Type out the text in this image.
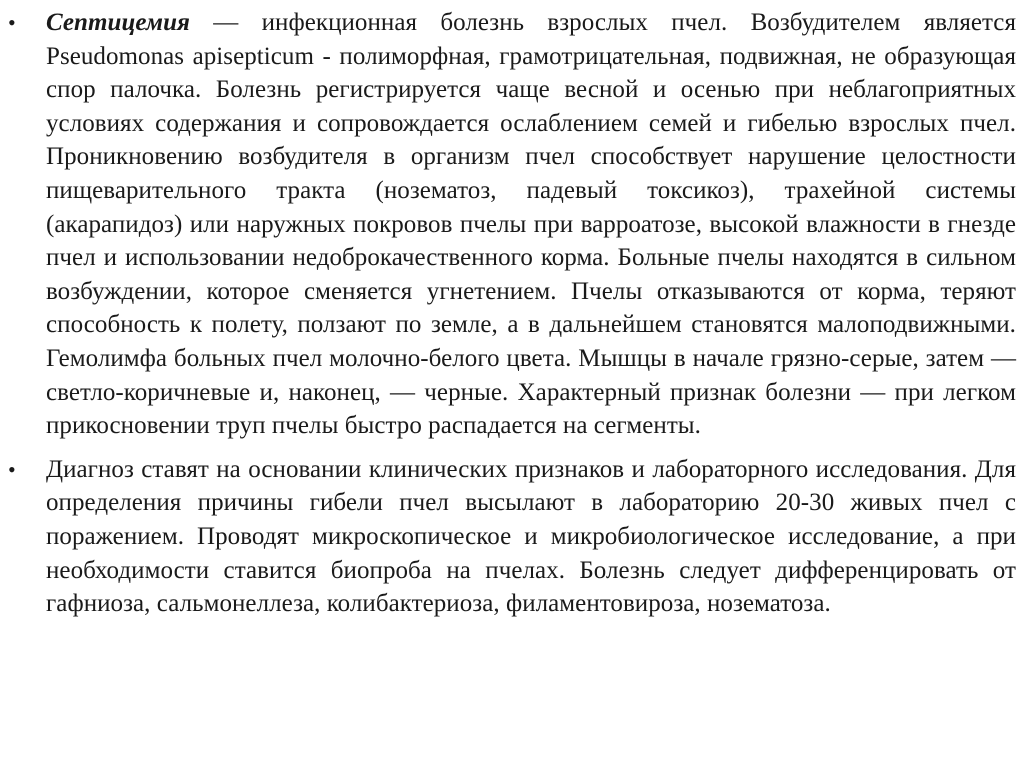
• Септицемия — инфекционная болезнь взрослых пчел. Возбудителем является Pseudomonas apisepticum - полиморфная, грамотрицательная, подвижная, не образующая спор палочка. Болезнь регистрируется чаще весной и осенью при неблагоприятных условиях содержания и сопровождается ослаблением семей и гибелью взрослых пчел. Проникновению возбудителя в организм пчел способствует нарушение целостности пищеварительного тракта (нозематоз, падевый токсикоз), трахейной системы (акарапидоз) или наружных покровов пчелы при варроатозе, высокой влажности в гнезде пчел и использовании недоброкачественного корма. Больные пчелы находятся в сильном возбуждении, которое сменяется угнетением. Пчелы отказываются от корма, теряют способность к полету, ползают по земле, а в дальнейшем становятся малоподвижными. Гемолимфа больных пчел молочно-белого цвета. Мышцы в начале грязно-серые, затем — светло-коричневые и, наконец, — черные. Характерный признак болезни — при легком прикосновении труп пчелы быстро распадается на сегменты.

• Диагноз ставят на основании клинических признаков и лабораторного исследования. Для определения причины гибели пчел высылают в лабораторию 20-30 живых пчел с поражением. Проводят микроскопическое и микробиологическое исследование, а при необходимости ставится биопроба на пчелах. Болезнь следует дифференцировать от гафниоза, сальмонеллеза, колибактериоза, филаментовироза, нозематоза.
